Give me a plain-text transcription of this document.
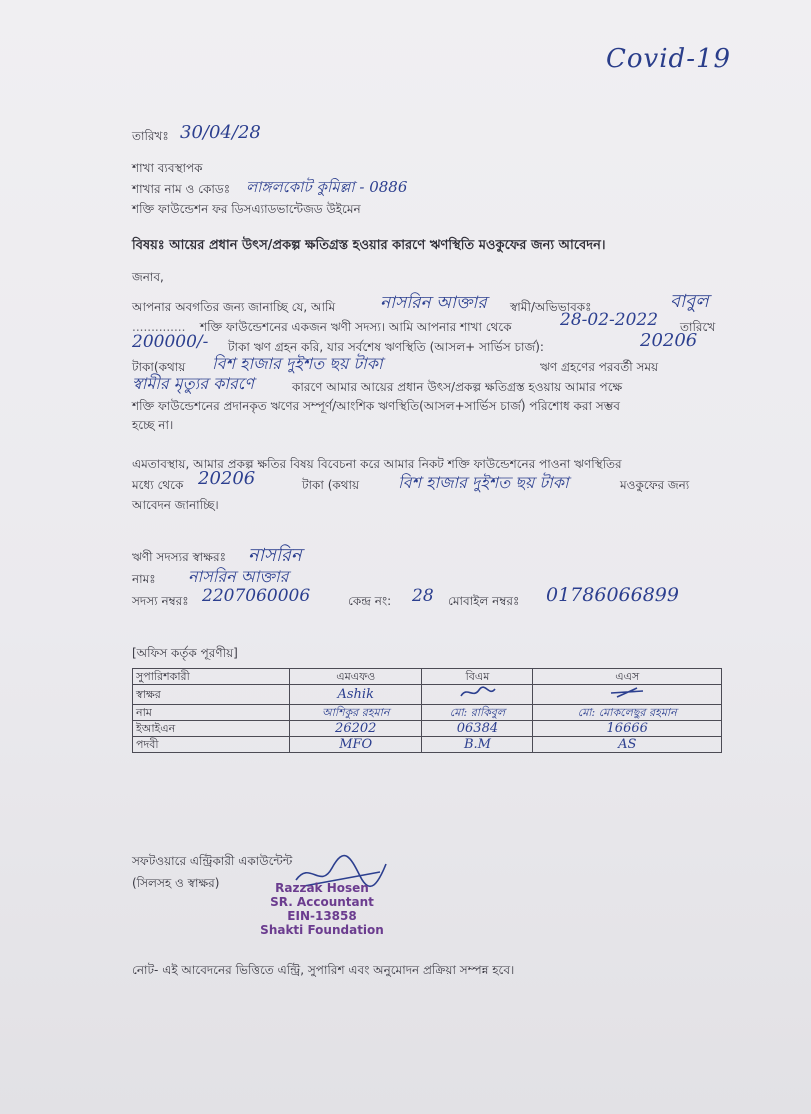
Covid-19
তারিখঃ 30/04/28
শাখা ব্যবস্থাপক
শাখার নাম ও কোডঃ লাঙ্গলকোট কুমিল্লা - 0886
শক্তি ফাউন্ডেশন ফর ডিসএ্যাডভান্টেজড উইমেন
বিষয়ঃ আয়ের প্রধান উৎস/প্রকল্প ক্ষতিগ্রস্ত হওয়ার কারণে ঋণস্থিতি মওকুফের জন্য আবেদন।
জনাব,
আপনার অবগতির জন্য জানাচ্ছি যে, আমি	নাসরিন আক্তার স্বামী/অভিভাবকঃ	বাবুল
.............. শক্তি ফাউন্ডেশনের একজন ঋণী সদস্য। আমি আপনার শাখা থেকে	28-02-2022 তারিখে
200000/- টাকা ঋণ গ্রহন করি, যার সর্বশেষ ঋণস্থিতি (আসল+ সার্ভিস চার্জ):	20206
টাকা(কথায় বিশ হাজার দুইশত ছয় টাকা	ঋণ গ্রহণের পরবর্তী সময়
স্বামীর মৃত্যুর কারণে	কারণে আমার আয়ের প্রধান উৎস/প্রকল্প ক্ষতিগ্রস্ত হওয়ায় আমার পক্ষে
শক্তি ফাউন্ডেশনের প্রদানকৃত ঋণের সম্পূর্ণ/আংশিক ঋণস্থিতি(আসল+সার্ভিস চার্জ) পরিশোধ করা সম্ভব
হচ্ছে না।
এমতাবস্থায়, আমার প্রকল্প ক্ষতির বিষয় বিবেচনা করে আমার নিকট শক্তি ফাউন্ডেশনের পাওনা ঋণস্থিতির
মধ্যে থেকে 20206	টাকা (কথায় বিশ হাজার দুইশত ছয় টাকা	মওকুফের জন্য
আবেদন জানাচ্ছি।
ঋণী সদস্যর স্বাক্ষরঃ নাসরিন
নামঃ নাসরিন আক্তার
সদস্য নম্বরঃ 2207060006	কেন্দ্র নং: 28 মোবাইল নম্বরঃ 01786066899
[অফিস কর্তৃক পূরণীয়]
সুপারিশকারী	এমএফও	বিএম	এএস
স্বাক্ষর	Ashik		
নাম	আশিকুর রহমান	মো: রাকিবুল	মো: মোকলেছুর রহমান
ইআইএন	26202	06384	16666
পদবী	MFO	B.M	AS
সফটওয়ারে এন্ট্রিকারী একাউন্টেন্ট
(সিলসহ ও স্বাক্ষর)	Razzak Hosen
SR. Accountant
EIN-13858
Shakti Foundation
নোট- এই আবেদনের ভিত্তিতে এন্ট্রি, সুপারিশ এবং অনুমোদন প্রক্রিয়া সম্পন্ন হবে।
